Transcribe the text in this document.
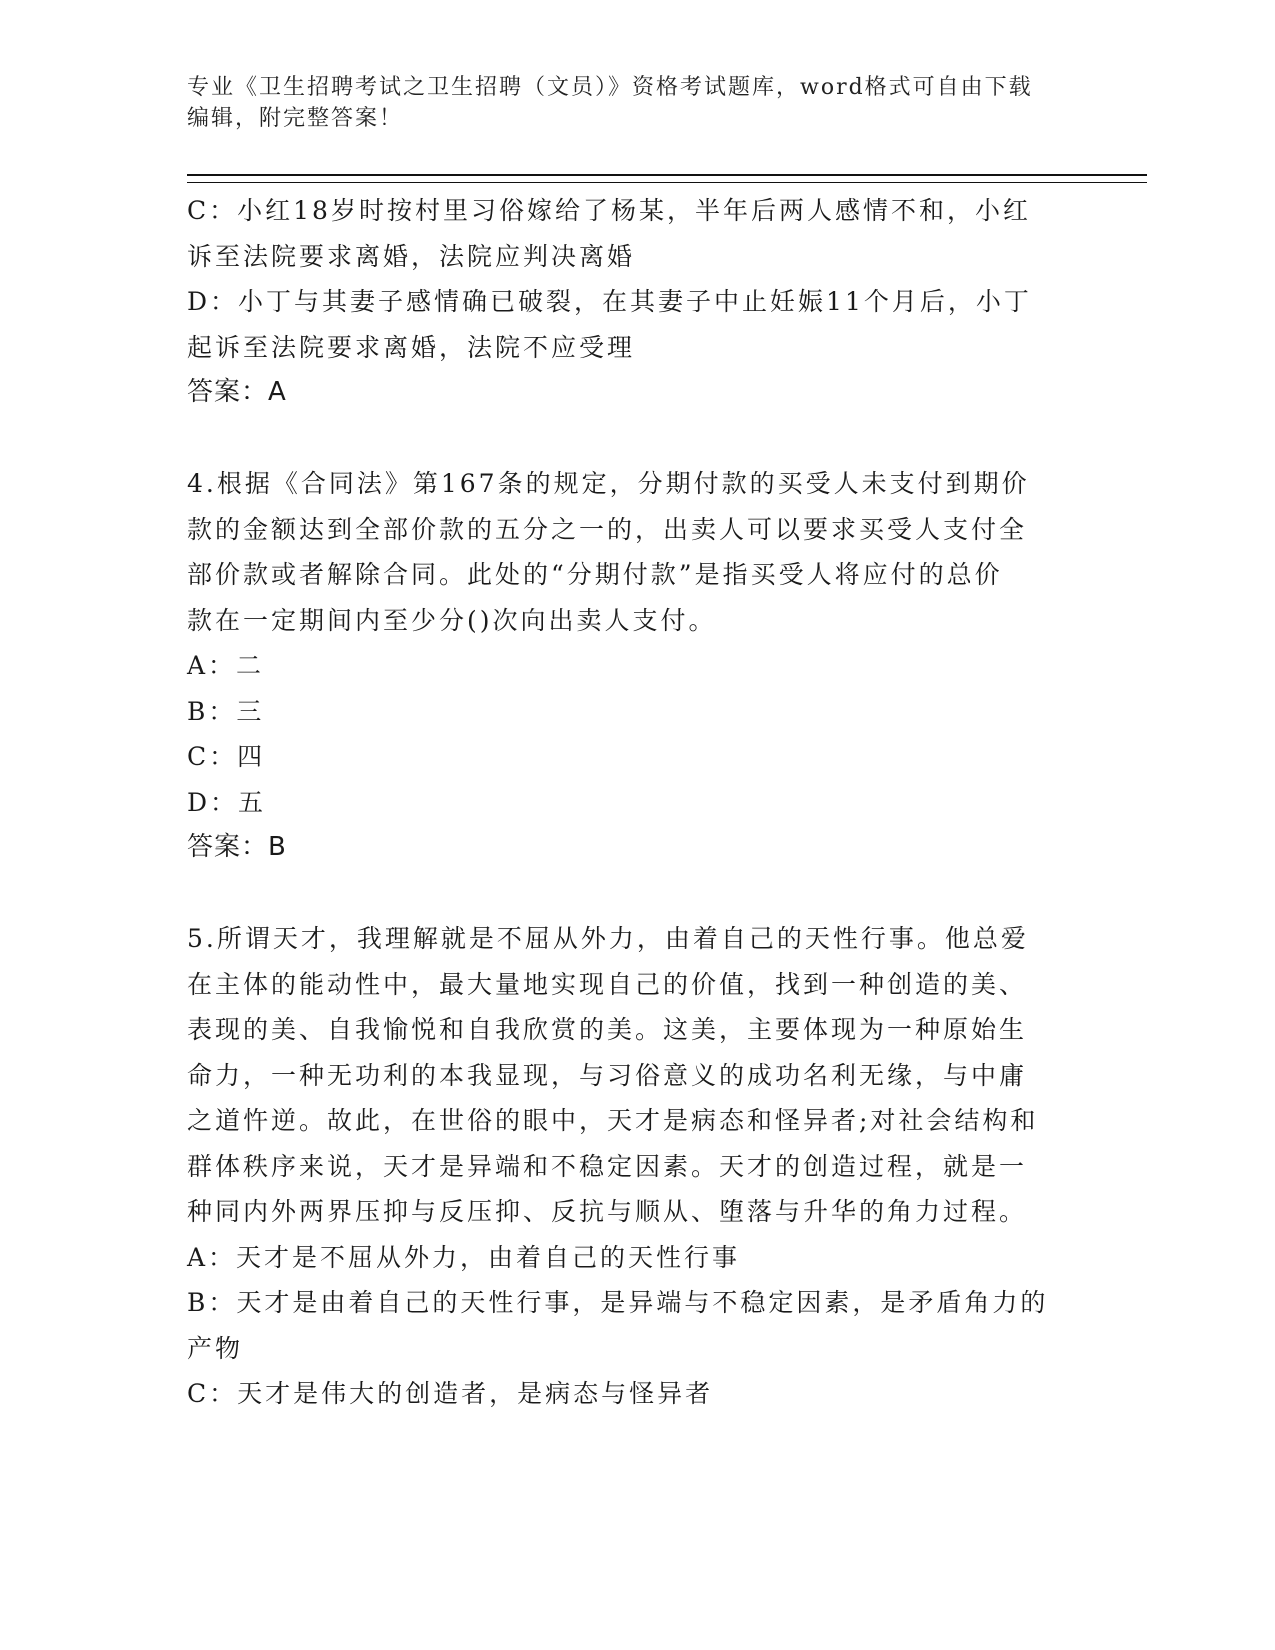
专业《卫生招聘考试之卫生招聘（文员）》资格考试题库，word格式可自由下载
编辑，附完整答案！
C：小红18岁时按村里习俗嫁给了杨某，半年后两人感情不和，小红
诉至法院要求离婚，法院应判决离婚
D：小丁与其妻子感情确已破裂，在其妻子中止妊娠11个月后，小丁
起诉至法院要求离婚，法院不应受理
答案：A
4.根据《合同法》第167条的规定，分期付款的买受人未支付到期价
款的金额达到全部价款的五分之一的，出卖人可以要求买受人支付全
部价款或者解除合同。此处的“分期付款”是指买受人将应付的总价
款在一定期间内至少分()次向出卖人支付。
A：二
B：三
C：四
D：五
答案：B
5.所谓天才，我理解就是不屈从外力，由着自己的天性行事。他总爱
在主体的能动性中，最大量地实现自己的价值，找到一种创造的美、
表现的美、自我愉悦和自我欣赏的美。这美，主要体现为一种原始生
命力，一种无功利的本我显现，与习俗意义的成功名利无缘，与中庸
之道忤逆。故此，在世俗的眼中，天才是病态和怪异者;对社会结构和
群体秩序来说，天才是异端和不稳定因素。天才的创造过程，就是一
种同内外两界压抑与反压抑、反抗与顺从、堕落与升华的角力过程。
A：天才是不屈从外力，由着自己的天性行事
B：天才是由着自己的天性行事，是异端与不稳定因素，是矛盾角力的
产物
C：天才是伟大的创造者，是病态与怪异者
